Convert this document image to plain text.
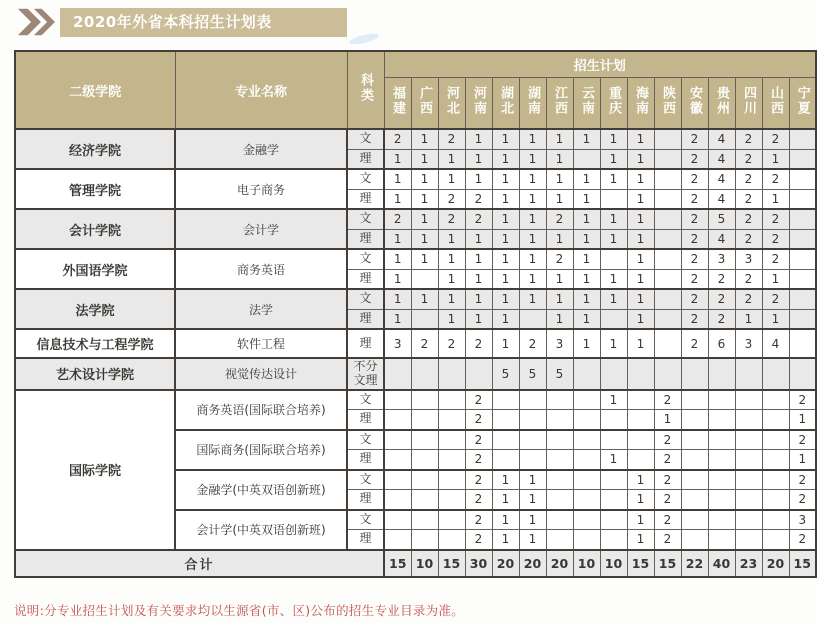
2020年外省本科招生计划表
二级学院	专业名称	科类	招生计划															
			福建	广西	河北	河南	湖北	湖南	江西	云南	重庆	海南	陕西	安徽	贵州	四川	山西	宁夏
经济学院	金融学	文	2	1	2	1	1	1	1	1	1	1		2	4	2	2	
		理	1	1	1	1	1	1	1		1	1		2	4	2	1	
管理学院	电子商务	文	1	1	1	1	1	1	1	1	1	1		2	4	2	2	
		理	1	1	2	2	1	1	1	1		1		2	4	2	1	
会计学院	会计学	文	2	1	2	2	1	1	2	1	1	1		2	5	2	2	
		理	1	1	1	1	1	1	1	1	1	1		2	4	2	2	
外国语学院	商务英语	文	1	1	1	1	1	1	2	1		1		2	3	3	2	
		理	1		1	1	1	1	1	1	1	1		2	2	2	1	
法学院	法学	文	1	1	1	1	1	1	1	1	1	1		2	2	2	2	
		理	1		1	1	1		1	1		1		2	2	1	1	
信息技术与工程学院	软件工程	理	3	2	2	2	1	2	3	1	1	1		2	6	3	4	
艺术设计学院	视觉传达设计	不分文理					5	5	5									
国际学院	商务英语(国际联合培养)	文				2					1		2					2
		理				2							1					1
	国际商务(国际联合培养)	文				2							2					2
		理				2					1		2					1
	金融学(中英双语创新班)	文				2	1	1				1	2					2
		理				2	1	1				1	2					2
	会计学(中英双语创新班)	文				2	1	1				1	2					3
		理				2	1	1				1	2					2
合计			15	10	15	30	20	20	20	10	10	15	15	22	40	23	20	15
说明:分专业招生计划及有关要求均以生源省(市、区)公布的招生专业目录为准。
